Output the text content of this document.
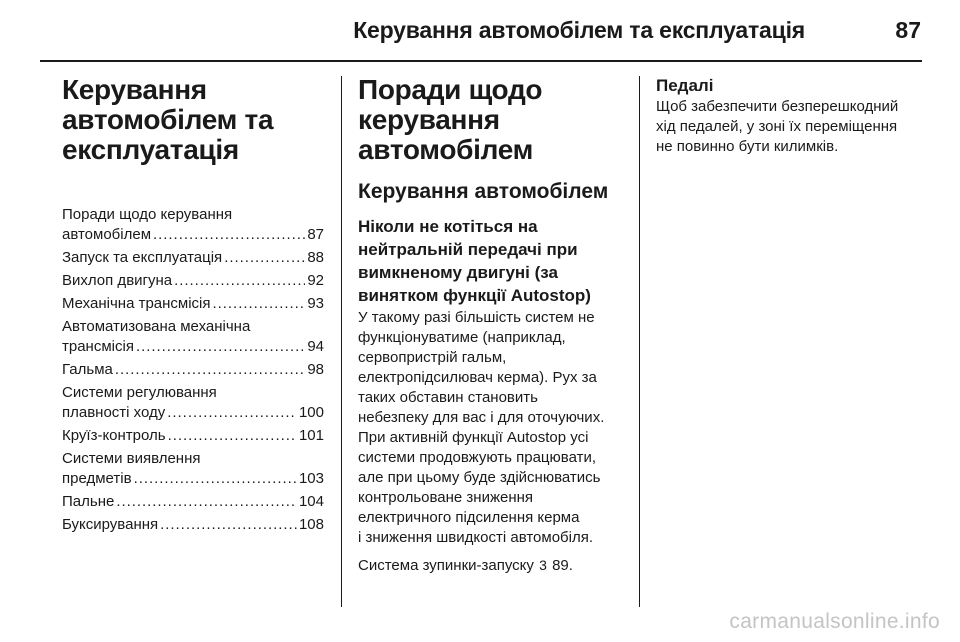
Керування автомобілем та експлуатація	87
Керування
автомобілем та
експлуатація
Поради щодо керування
автомобілем . . .	87
Запуск та експлуатація . . .	88
Вихлоп двигуна . . .	92
Механічна трансмісія . . .	93
Автоматизована механічна
трансмісія . . .	94
Гальма . . .	98
Системи регулювання
плавності ходу . . .	100
Круїз-контроль . . .	101
Системи виявлення
предметів . . .	103
Пальне . . .	104
Буксирування . . .	108
Поради щодо
керування
автомобілем
Керування автомобілем
Ніколи не котіться на
нейтральній передачі при
вимкненому двигуні (за
винятком функції Autostop)

У такому разі більшість систем не
функціонуватиме (наприклад,
сервопристрій гальм,
електропідсилювач керма). Рух за
таких обставин становить
небезпеку для вас і для оточуючих.
При активній функції Autostop усі
системи продовжують працювати,
але при цьому буде здійснюватись
контрольоване зниження
електричного підсилення керма
і зниження швидкості автомобіля.

Система зупинки-запуску 3 89.

Педалі

Щоб забезпечити безперешкодний
хід педалей, у зоні їх переміщення
не повинно бути килимків.

carmanualsonline.info
